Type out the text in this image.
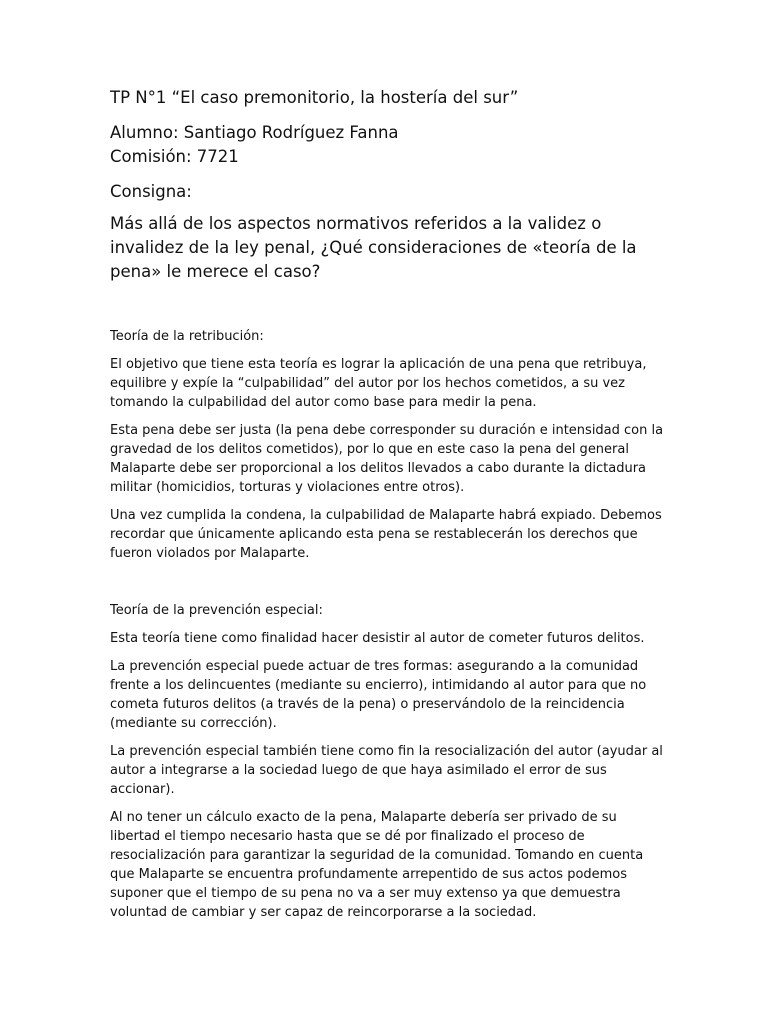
TP N°1 “El caso premonitorio, la hostería del sur”

Alumno: Santiago Rodríguez Fanna

Comisión: 7721

Consigna:

Más allá de los aspectos normativos referidos a la validez o invalidez de la ley penal, ¿Qué consideraciones de «teoría de la pena» le merece el caso?

Teoría de la retribución:

El objetivo que tiene esta teoría es lograr la aplicación de una pena que retribuya, equilibre y expíe la “culpabilidad” del autor por los hechos cometidos, a su vez tomando la culpabilidad del autor como base para medir la pena.

Esta pena debe ser justa (la pena debe corresponder su duración e intensidad con la gravedad de los delitos cometidos), por lo que en este caso la pena del general Malaparte debe ser proporcional a los delitos llevados a cabo durante la dictadura militar (homicidios, torturas y violaciones entre otros).

Una vez cumplida la condena, la culpabilidad de Malaparte habrá expiado. Debemos recordar que únicamente aplicando esta pena se restablecerán los derechos que fueron violados por Malaparte.

Teoría de la prevención especial:

Esta teoría tiene como finalidad hacer desistir al autor de cometer futuros delitos.

La prevención especial puede actuar de tres formas: asegurando a la comunidad frente a los delincuentes (mediante su encierro), intimidando al autor para que no cometa futuros delitos (a través de la pena) o preservándolo de la reincidencia (mediante su corrección).

La prevención especial también tiene como fin la resocialización del autor (ayudar al autor a integrarse a la sociedad luego de que haya asimilado el error de sus accionar).

Al no tener un cálculo exacto de la pena, Malaparte debería ser privado de su libertad el tiempo necesario hasta que se dé por finalizado el proceso de resocialización para garantizar la seguridad de la comunidad. Tomando en cuenta que Malaparte se encuentra profundamente arrepentido de sus actos podemos suponer que el tiempo de su pena no va a ser muy extenso ya que demuestra voluntad de cambiar y ser capaz de reincorporarse a la sociedad.
